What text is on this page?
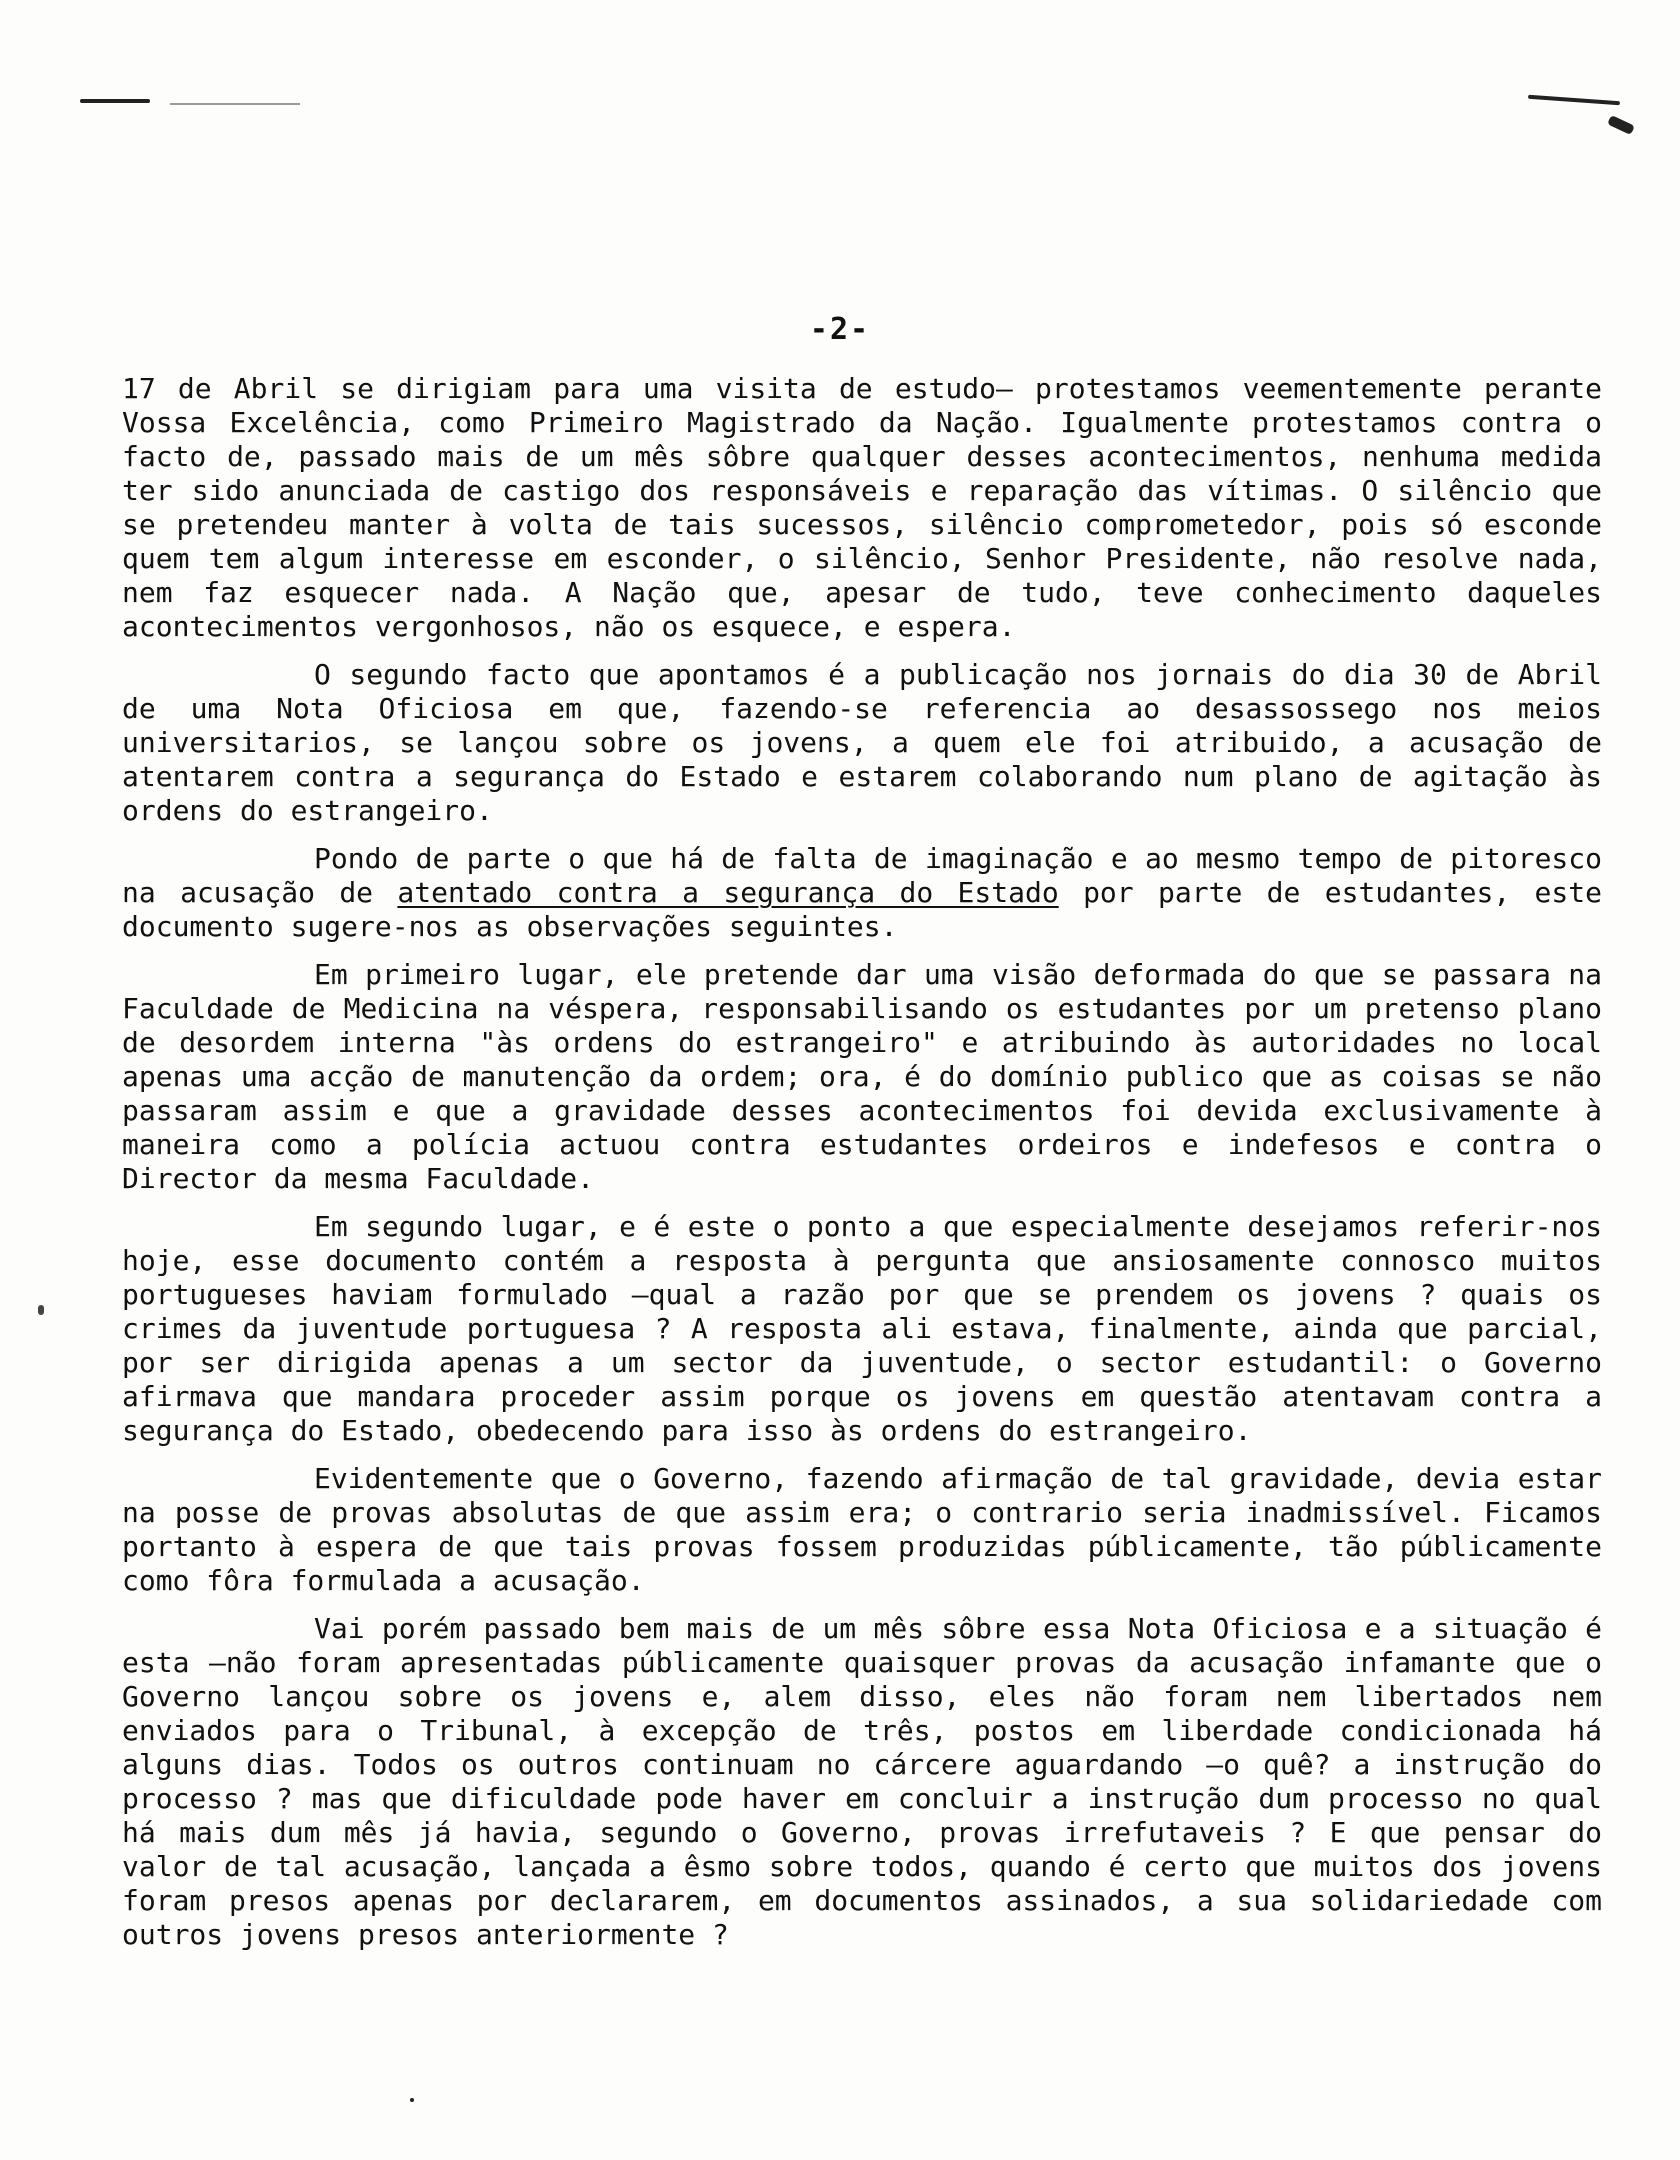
-2-

17 de Abril se dirigiam para uma visita de estudo— protestamos veementemente perante Vossa Excelência, como Primeiro Magistrado da Nação. Igualmente protestamos contra o facto de, passado mais de um mês sôbre qualquer desses acontecimentos, nenhuma medida ter sido anunciada de castigo dos responsáveis e reparação das vítimas. O silêncio que se pretendeu manter à volta de tais sucessos, silêncio comprometedor, pois só esconde quem tem algum interesse em esconder, o silêncio, Senhor Presidente, não resolve nada, nem faz esquecer nada. A Nação que, apesar de tudo, teve conhecimento daqueles acontecimentos vergonhosos, não os esquece, e espera.

O segundo facto que apontamos é a publicação nos jornais do dia 30 de Abril de uma Nota Oficiosa em que, fazendo-se referencia ao desassossego nos meios universitarios, se lançou sobre os jovens, a quem ele foi atribuido, a acusação de atentarem contra a segurança do Estado e estarem colaborando num plano de agitação às ordens do estrangeiro.

Pondo de parte o que há de falta de imaginação e ao mesmo tempo de pitoresco na acusação de atentado contra a segurança do Estado por parte de estudantes, este documento sugere-nos as observações seguintes.

Em primeiro lugar, ele pretende dar uma visão deformada do que se passara na Faculdade de Medicina na véspera, responsabilisando os estudantes por um pretenso plano de desordem interna "às ordens do estrangeiro" e atribuindo às autoridades no local apenas uma acção de manutenção da ordem; ora, é do domínio publico que as coisas se não passaram assim e que a gravidade desses acontecimentos foi devida exclusivamente à maneira como a polícia actuou contra estudantes ordeiros e indefesos e contra o Director da mesma Faculdade.

Em segundo lugar, e é este o ponto a que especialmente desejamos referir-nos hoje, esse documento contém a resposta à pergunta que ansiosamente connosco muitos portugueses haviam formulado —qual a razão por que se prendem os jovens ? quais os crimes da juventude portuguesa ? A resposta ali estava, finalmente, ainda que parcial, por ser dirigida apenas a um sector da juventude, o sector estudantil: o Governo afirmava que mandara proceder assim porque os jovens em questão atentavam contra a segurança do Estado, obedecendo para isso às ordens do estrangeiro.

Evidentemente que o Governo, fazendo afirmação de tal gravidade, devia estar na posse de provas absolutas de que assim era; o contrario seria inadmissível. Ficamos portanto à espera de que tais provas fossem produzidas públicamente, tão públicamente como fôra formulada a acusação.

Vai porém passado bem mais de um mês sôbre essa Nota Oficiosa e a situação é esta —não foram apresentadas públicamente quaisquer provas da acusação infamante que o Governo lançou sobre os jovens e, alem disso, eles não foram nem libertados nem enviados para o Tribunal, à excepção de três, postos em liberdade condicionada há alguns dias. Todos os outros continuam no cárcere aguardando —o quê? a instrução do processo ? mas que dificuldade pode haver em concluir a instrução dum processo no qual há mais dum mês já havia, segundo o Governo, provas irrefutaveis ? E que pensar do valor de tal acusação, lançada a êsmo sobre todos, quando é certo que muitos dos jovens foram presos apenas por declararem, em documentos assinados, a sua solidariedade com outros jovens presos anteriormente ?
